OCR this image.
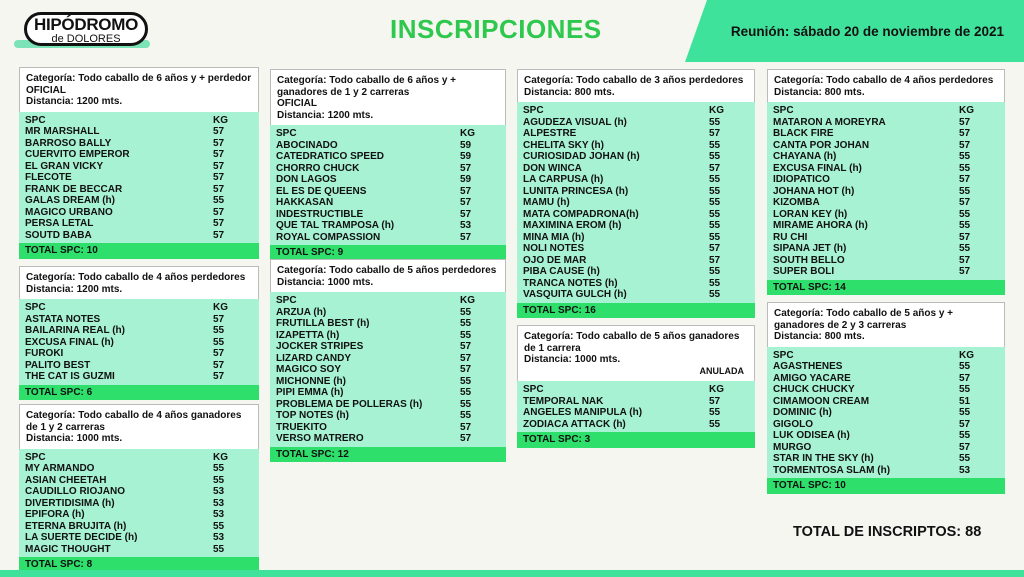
HIPÓDROMO
de DOLORES	INSCRIPCIONES	Reunión: sábado 20 de noviembre de 2021
Categoría: Todo caballo de 6 años y + perdedor
OFICIAL
Distancia: 1200 mts.
SPC	KG
MR MARSHALL	57
BARROSO BALLY	57
CUERVITO EMPEROR	57
EL GRAN VICKY	57
FLECOTE	57
FRANK DE BECCAR	57
GALAS DREAM (h)	55
MAGICO URBANO	57
PERSA LETAL	57
SOUTD BABA	57
TOTAL SPC: 10
Categoría: Todo caballo de 4 años perdedores
Distancia: 1200 mts.
SPC	KG
ASTATA NOTES	57
BAILARINA REAL (h)	55
EXCUSA FINAL (h)	55
FUROKI	57
PALITO BEST	57
THE CAT IS GUZMI	57
TOTAL SPC: 6
Categoría: Todo caballo de 4 años ganadores de 1 y 2 carreras
Distancia: 1000 mts.
SPC	KG
MY ARMANDO	55
ASIAN CHEETAH	55
CAUDILLO RIOJANO	53
DIVERTIDISIMA (h)	53
EPIFORA (h)	53
ETERNA BRUJITA (h)	55
LA SUERTE DECIDE (h)	53
MAGIC THOUGHT	55
TOTAL SPC: 8
Categoría: Todo caballo de 6 años y + ganadores de 1 y 2 carreras
OFICIAL
Distancia: 1200 mts.
SPC	KG
ABOCINADO	59
CATEDRATICO SPEED	59
CHORRO CHUCK	57
DON LAGOS	59
EL ES DE QUEENS	57
HAKKASAN	57
INDESTRUCTIBLE	57
QUE TAL TRAMPOSA (h)	53
ROYAL COMPASSION	57
TOTAL SPC: 9
Categoría: Todo caballo de 5 años perdedores
Distancia: 1000 mts.
SPC	KG
ARZUA (h)	55
FRUTILLA BEST (h)	55
IZAPETTA (h)	55
JOCKER STRIPES	57
LIZARD CANDY	57
MAGICO SOY	57
MICHONNE (h)	55
PIPI EMMA (h)	55
PROBLEMA DE POLLERAS (h)	55
TOP NOTES (h)	55
TRUEKITO	57
VERSO MATRERO	57
TOTAL SPC: 12
Categoría: Todo caballo de 3 años perdedores
Distancia: 800 mts.
SPC	KG
AGUDEZA VISUAL (h)	55
ALPESTRE	57
CHELITA SKY (h)	55
CURIOSIDAD JOHAN (h)	55
DON WINCA	57
LA CARPUSA (h)	55
LUNITA PRINCESA (h)	55
MAMU (h)	55
MATA COMPADRONA(h)	55
MAXIMINA EROM (h)	55
MINA MIA (h)	55
NOLI NOTES	57
OJO DE MAR	57
PIBA CAUSE (h)	55
TRANCA NOTES (h)	55
VASQUITA GULCH (h)	55
TOTAL SPC: 16
Categoría: Todo caballo de 5 años ganadores de 1 carrera
Distancia: 1000 mts.
ANULADA
SPC	KG
TEMPORAL NAK	57
ANGELES MANIPULA (h)	55
ZODIACA ATTACK (h)	55
TOTAL SPC: 3
Categoría: Todo caballo de 4 años perdedores
Distancia: 800 mts.
SPC	KG
MATARON A MOREYRA	57
BLACK FIRE	57
CANTA POR JOHAN	57
CHAYANA (h)	55
EXCUSA FINAL (h)	55
IDIOPATICO	57
JOHANA HOT (h)	55
KIZOMBA	57
LORAN KEY (h)	55
MIRAME AHORA (h)	55
RU CHI	57
SIPANA JET (h)	55
SOUTH BELLO	57
SUPER BOLI	57
TOTAL SPC: 14
Categoría: Todo caballo de 5 años y + ganadores de 2 y 3 carreras
Distancia: 800 mts.
SPC	KG
AGASTHENES	55
AMIGO YACARE	57
CHUCK CHUCKY	55
CIMAMOON CREAM	51
DOMINIC (h)	55
GIGOLO	57
LUK ODISEA (h)	55
MURGO	57
STAR IN THE SKY (h)	55
TORMENTOSA SLAM (h)	53
TOTAL SPC: 10
TOTAL DE INSCRIPTOS: 88
